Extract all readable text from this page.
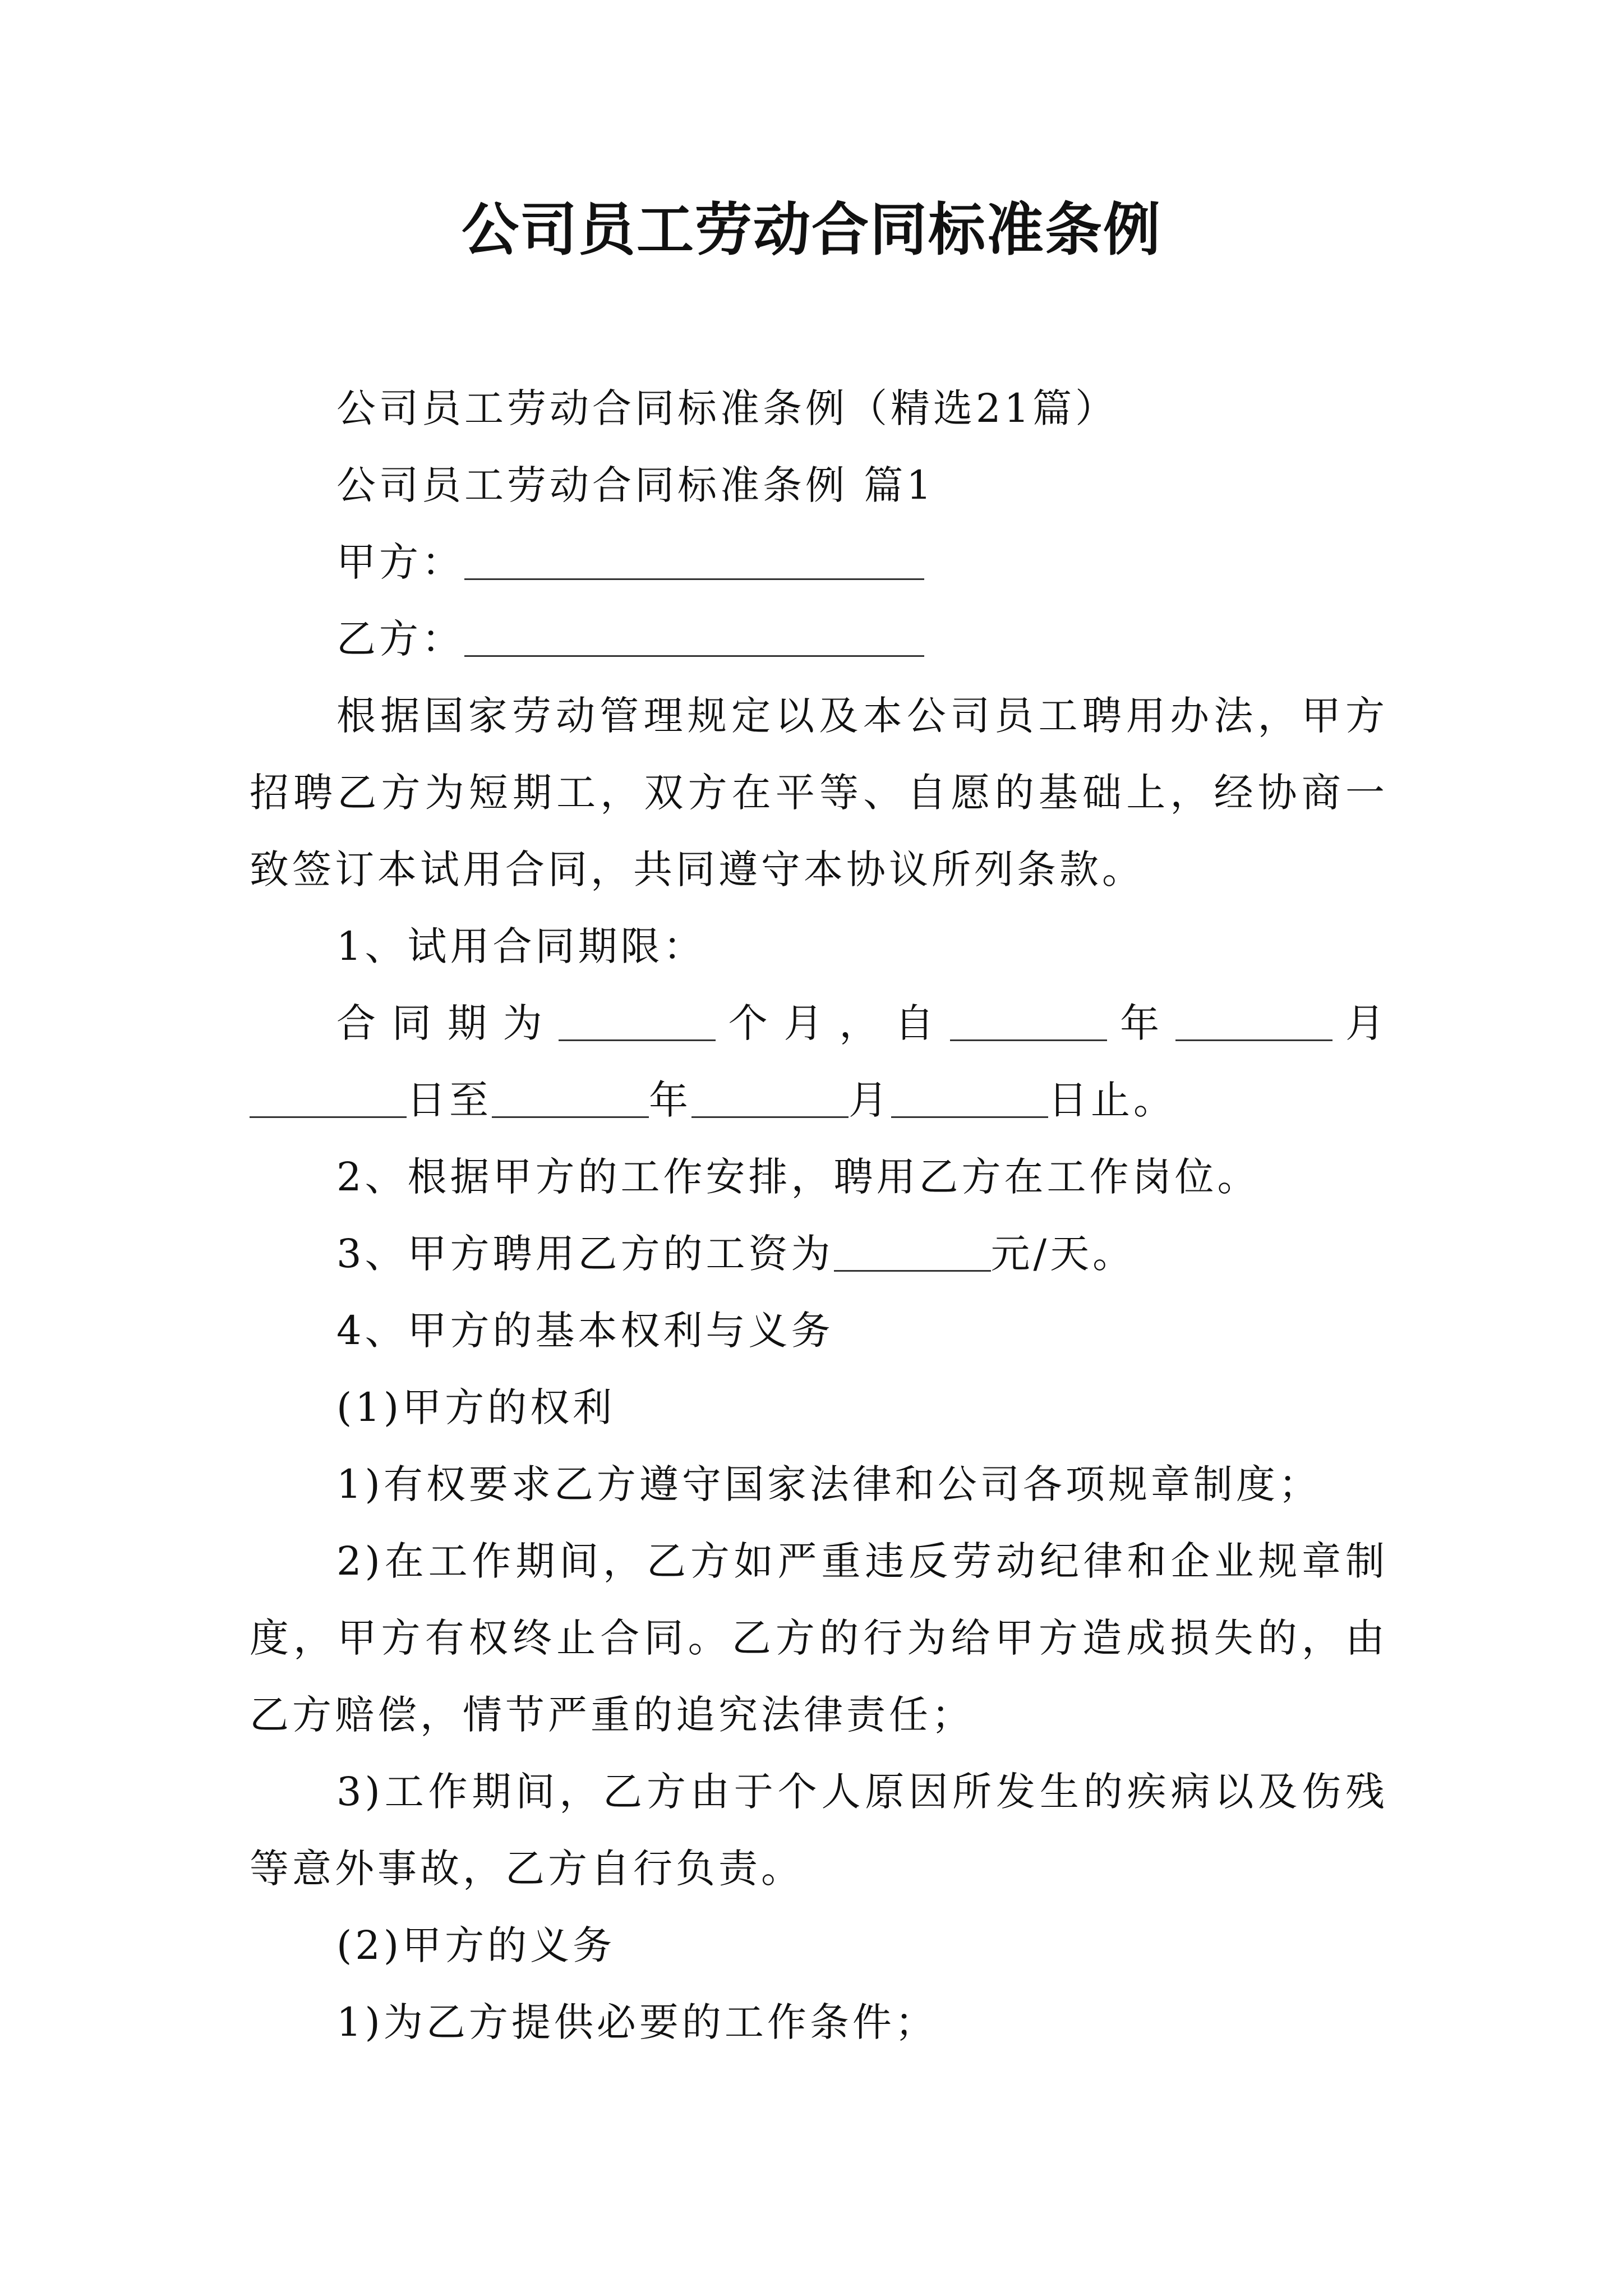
公司员工劳动合同标准条例

公司员工劳动合同标准条例（精选21篇）

公司员工劳动合同标准条例 篇1

甲方：

乙方：

根据国家劳动管理规定以及本公司员工聘用办法，甲方招聘乙方为短期工，双方在平等、自愿的基础上，经协商一致签订本试用合同，共同遵守本协议所列条款。

1、试用合同期限：

合同期为	个月，自	年	月日至	年	月	日止。

2、根据甲方的工作安排，聘用乙方在工作岗位。

3、甲方聘用乙方的工资为	元/天。

4、甲方的基本权利与义务

(1)甲方的权利

1)有权要求乙方遵守国家法律和公司各项规章制度；

2)在工作期间，乙方如严重违反劳动纪律和企业规章制度，甲方有权终止合同。乙方的行为给甲方造成损失的，由乙方赔偿，情节严重的追究法律责任；

3)工作期间，乙方由于个人原因所发生的疾病以及伤残等意外事故，乙方自行负责。

(2)甲方的义务

1)为乙方提供必要的工作条件；
